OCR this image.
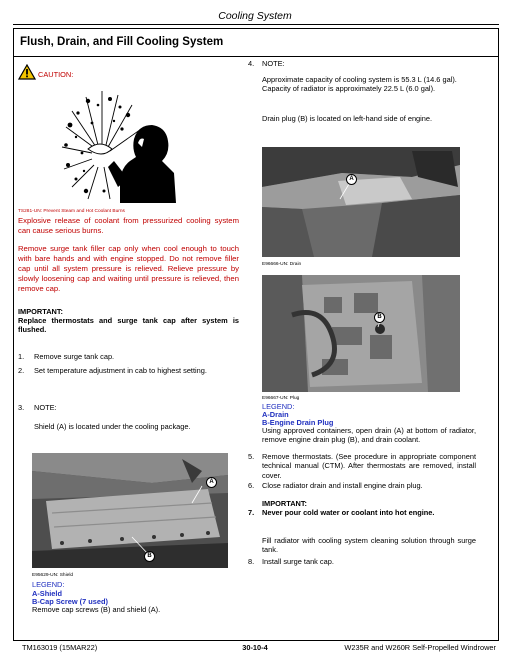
Cooling System
Flush, Drain, and Fill Cooling System
CAUTION:
TS281-UN: Prevent Steam and Hot Coolant Burns
Explosive release of coolant from pressurized cooling system can cause serious burns.
Remove surge tank filler cap only when cool enough to touch with bare hands and with engine stopped. Do not remove filler cap until all system pressure is relieved. Relieve pressure by slowly loosening cap and waiting until pressure is relieved, then remove cap.
IMPORTANT:
Replace thermostats and surge tank cap after system is flushed.
1. Remove surge tank cap.
2. Set temperature adjustment in cab to highest setting.
3. NOTE:
Shield (A) is located under the cooling package.
A
B
E95629-UN: Shield
LEGEND:
A-Shield
B-Cap Screw (7 used)
Remove cap screws (B) and shield (A).
4. NOTE:
Approximate capacity of cooling system is 55.3 L (14.6 gal). Capacity of radiator is approximately 22.5 L (6.0 gal).
Drain plug (B) is located on left-hand side of engine.
A
E96666-UN: Drain
B
E96667-UN: Plug
LEGEND:
A-Drain
B-Engine Drain Plug
Using approved containers, open drain (A) at bottom of radiator, remove engine drain plug (B), and drain coolant.
5. Remove thermostats. (See procedure in appropriate component technical manual (CTM). After thermostats are removed, install cover.
6. Close radiator drain and install engine drain plug.
IMPORTANT:
7. Never pour cold water or coolant into hot engine.
Fill radiator with cooling system cleaning solution through surge tank.
8. Install surge tank cap.
TM163019 (15MAR22)	30-10-4	W235R and W260R Self-Propelled Windrower
